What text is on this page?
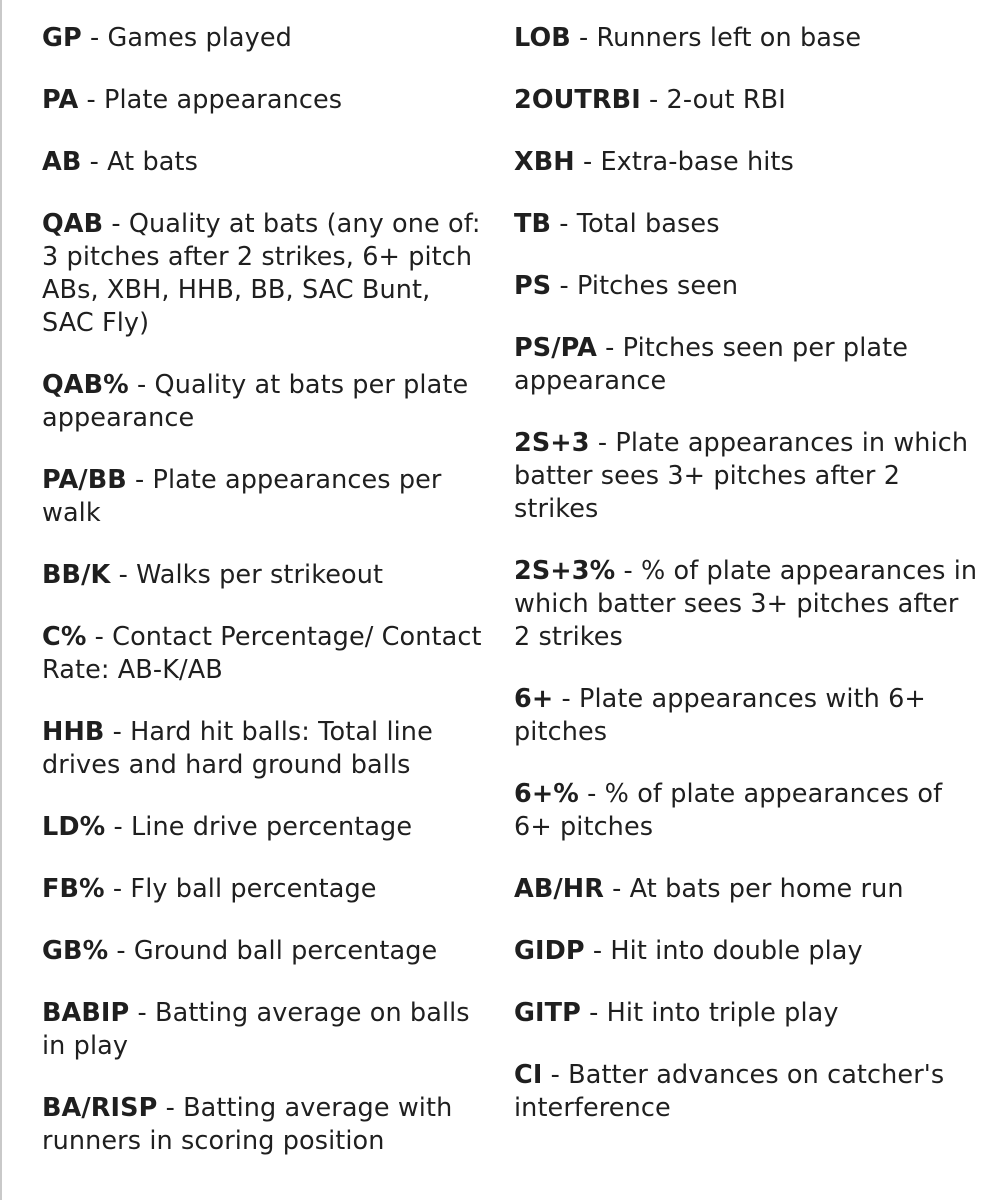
GP - Games played
PA - Plate appearances
AB - At bats
QAB - Quality at bats (any one of: 3 pitches after 2 strikes, 6+ pitch ABs, XBH, HHB, BB, SAC Bunt, SAC Fly)
QAB% - Quality at bats per plate appearance
PA/BB - Plate appearances per walk
BB/K - Walks per strikeout
C% - Contact Percentage/ Contact Rate: AB-K/AB
HHB - Hard hit balls: Total line drives and hard ground balls
LD% - Line drive percentage
FB% - Fly ball percentage
GB% - Ground ball percentage
BABIP - Batting average on balls in play
BA/RISP - Batting average with runners in scoring position
LOB - Runners left on base
2OUTRBI - 2-out RBI
XBH - Extra-base hits
TB - Total bases
PS - Pitches seen
PS/PA - Pitches seen per plate appearance
2S+3 - Plate appearances in which batter sees 3+ pitches after 2 strikes
2S+3% - % of plate appearances in which batter sees 3+ pitches after 2 strikes
6+ - Plate appearances with 6+ pitches
6+% - % of plate appearances of 6+ pitches
AB/HR - At bats per home run
GIDP - Hit into double play
GITP - Hit into triple play
CI - Batter advances on catcher's interference
